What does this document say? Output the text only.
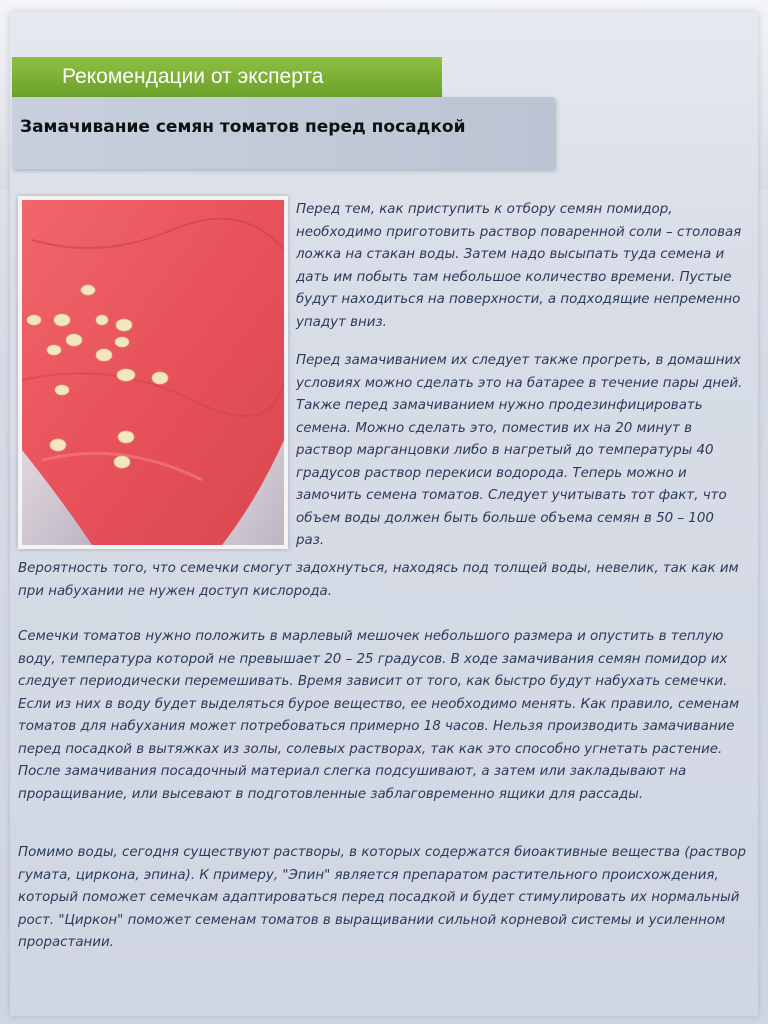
Рекомендации от эксперта
Замачивание семян томатов перед посадкой

Перед тем, как приступить к отбору семян помидор, необходимо приготовить раствор поваренной соли – столовая ложка на стакан воды. Затем надо высыпать туда семена и дать им побыть там небольшое количество времени. Пустые будут находиться на поверхности, а подходящие непременно упадут вниз.

Перед замачиванием их следует также прогреть, в домашних условиях можно сделать это на батарее в течение пары дней. Также перед замачиванием нужно продезинфицировать семена. Можно сделать это, поместив их на 20 минут в раствор марганцовки либо в нагретый до температуры 40 градусов раствор перекиси водорода. Теперь можно и замочить семена томатов. Следует учитывать тот факт, что объем воды должен быть больше объема семян в 50 – 100 раз.

Вероятность того, что семечки смогут задохнуться, находясь под толщей воды, невелик, так как им при набухании не нужен доступ кислорода.

Семечки томатов нужно положить в марлевый мешочек небольшого размера и опустить в теплую воду, температура которой не превышает 20 – 25 градусов. В ходе замачивания семян помидор их следует периодически перемешивать. Время зависит от того, как быстро будут набухать семечки. Если из них в воду будет выделяться бурое вещество, ее необходимо менять. Как правило, семенам томатов для набухания может потребоваться примерно 18 часов. Нельзя производить замачивание перед посадкой в вытяжках из золы, солевых растворах, так как это способно угнетать растение. После замачивания посадочный материал слегка подсушивают, а затем или закладывают на проращивание, или высевают в подготовленные заблаговременно ящики для рассады.

Помимо воды, сегодня существуют растворы, в которых содержатся биоактивные вещества (раствор гумата, циркона, эпина). К примеру, "Эпин" является препаратом растительного происхождения, который поможет семечкам адаптироваться перед посадкой и будет стимулировать их нормальный рост. "Циркон" поможет семенам томатов в выращивании сильной корневой системы и усиленном прорастании.
